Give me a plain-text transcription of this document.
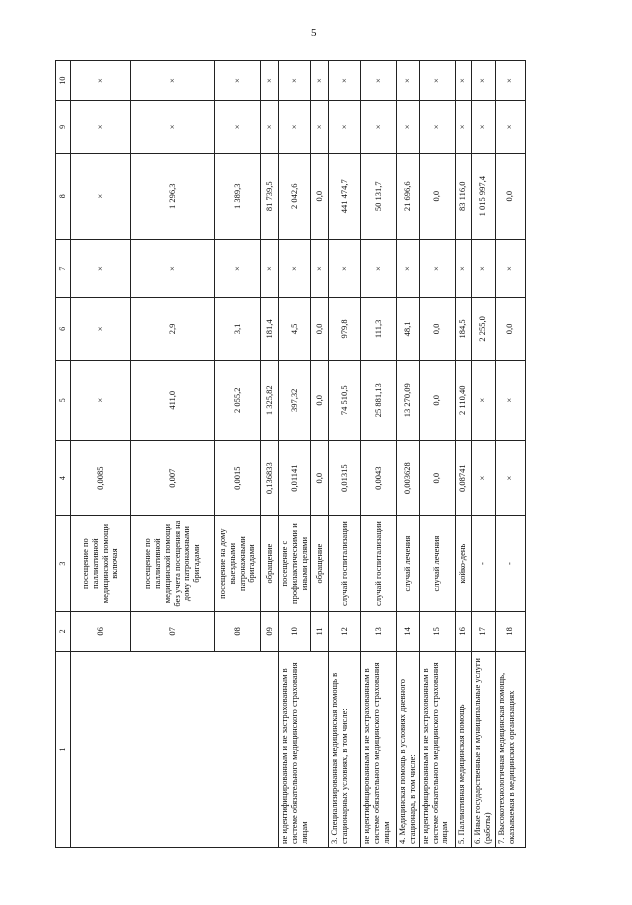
5
1	2	3	4	5	6	7	8	9	10
	06	посещение по паллиативной медицинской помощи включая	0,0085	×	×	×	×	×	×
	07	посещение по паллиативной медицинской помощи без учета посещения на дому патронажными бригадами	0,007	411,0	2,9	×	1 296,3	×	×
	08	посещение на дому выездными патронажными бригадами	0,0015	2 055,2	3,1	×	1 389,3	×	×
	09	обращение	0,136833	1 325,82	181,4	×	81 739,5	×	×
не идентифицированным и не застрахованным в системе обязательного медицинского страхования лицам	10	посещение с профилактическими и иными целями	0,01141	397,32	4,5	×	2 042,6	×	×
	11	обращение	0,0	0,0	0,0	×	0,0	×	×
3. Специализированная медицинская помощь в стационарных условиях, в том числе:	12	случай госпитализации	0,01315	74 510,5	979,8	×	441 474,7	×	×
не идентифицированным и не застрахованным в системе обязательного медицинского страхования лицам	13	случай госпитализации	0,0043	25 881,13	111,3	×	50 131,7	×	×
4. Медицинская помощь в условиях дневного стационара, в том числе:	14	случай лечения	0,003628	13 270,09	48,1	×	21 696,6	×	×
не идентифицированным и не застрахованным в системе обязательного медицинского страхования лицам	15	случай лечения	0,0	0,0	0,0	×	0,0	×	×
5. Паллиативная медицинская помощь	16	койко-день	0,08741	2 110,40	184,5	×	83 116,0	×	×
6. Иные государственные и муниципальные услуги (работы)	17	-	×	×	2 255,0	×	1 015 997,4	×	×
7. Высокотехнологичная медицинская помощь, оказываемая в медицинских организациях	18	-	×	×	0,0	×	0,0	×	×
